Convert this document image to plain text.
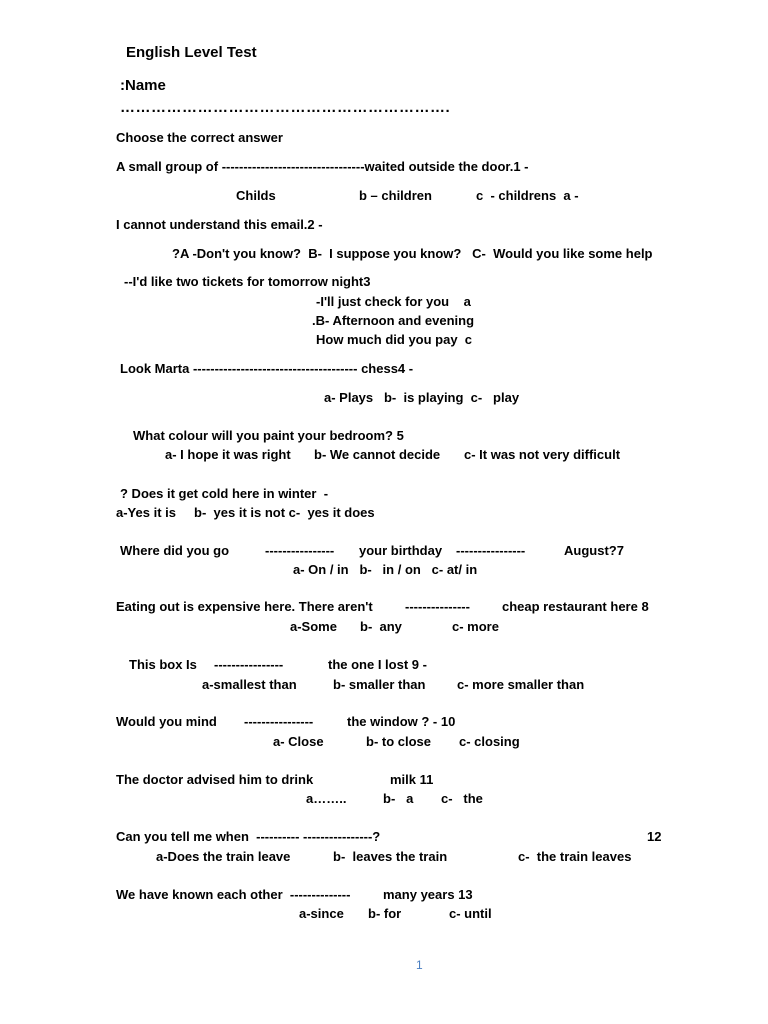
English Level Test
:Name
……………………………………………………….
Choose the correct answer
A small group of ---------------------------------waited outside the door.1 -
Childs	b – children	c  - childrens  a -
I cannot understand this email.2 -
?A -Don't you know?  B-  I suppose you know?   C-  Would you like some help
--I'd like two tickets for tomorrow night3
-I'll just check for you    a
.B- Afternoon and evening
How much did you pay  c
Look Marta -------------------------------------- chess4 -
a- Plays   b-  is playing  c-   play
What colour will you paint your bedroom? 5
a- I hope it was right b- We cannot decide c- It was not very difficult
? Does it get cold here in winter  -
a-Yes it is     b-  yes it is not c-  yes it does
Where did you go	---------------- your birthday ----------------	August?7
a- On / in   b-   in / on   c- at/ in
Eating out is expensive here. There aren't --------------- cheap restaurant here 8
a-Some b-  any	c- more
This box Is ----------------	the one I lost 9 -
a-smallest than	b- smaller than c- more smaller than
Would you mind ----------------	the window ? - 10
a- Close	b- to close c- closing
The doctor advised him to drink	milk 11
a……..	b-   a c-   the
Can you tell me when  ---------- ----------------?	12
a-Does the train leave	b-  leaves the train	c-  the train leaves
We have known each other  --------------	many years 13
a-since b- for	c- until
1
